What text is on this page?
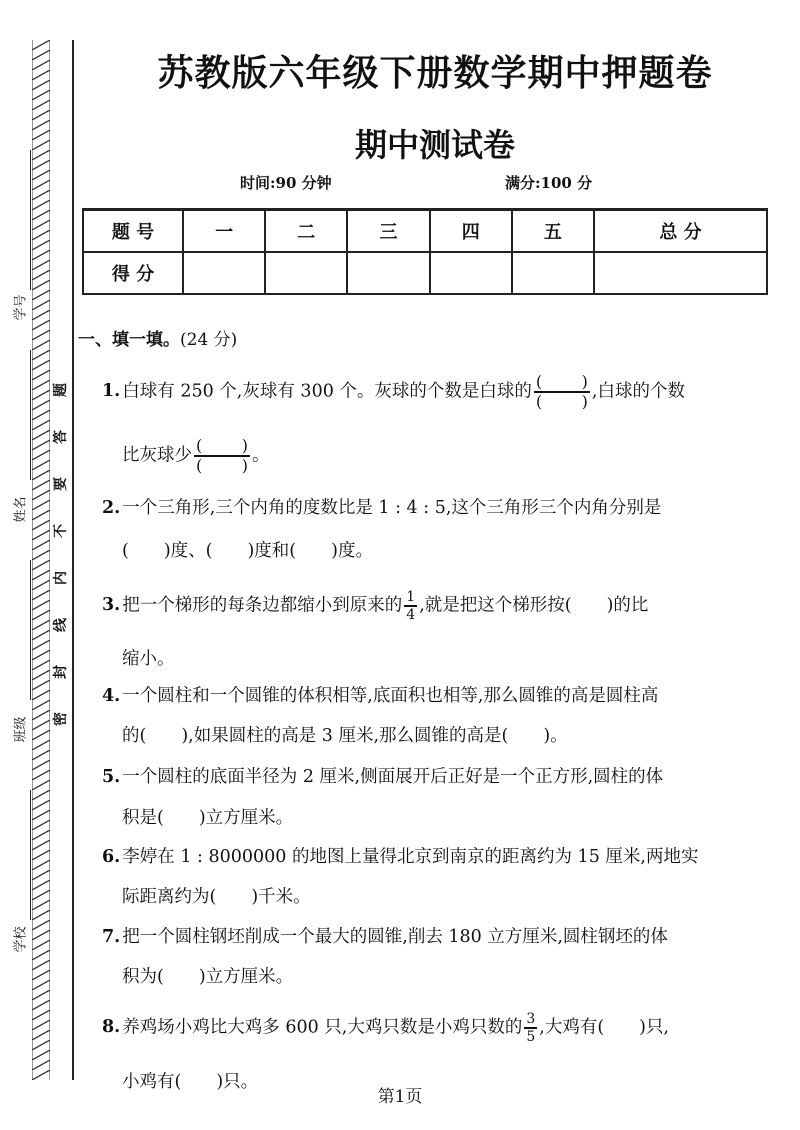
学号
姓名
班级
学校
题
答
要
不
内
线
封
密
苏教版六年级下册数学期中押题卷
期中测试卷
时间:90 分钟	满分:100 分
题 号	一	二	三	四	五	总 分
得 分						
一、填一填。(24 分)
1. 白球有 250 个,灰球有 300 个。灰球的个数是白球的 $\frac{( )}{( )}$ ,白球的个数
比灰球少 $\frac{( )}{( )}$ 。
2. 一个三角形,三个内角的度数比是 1 : 4 : 5,这个三角形三个内角分别是
(　　)度、(　　)度和(　　)度。
3. 把一个梯形的每条边都缩小到原来的 $\frac{1}{4}$ ,就是把这个梯形按(　　)的比
缩小。
4. 一个圆柱和一个圆锥的体积相等,底面积也相等,那么圆锥的高是圆柱高
的(　　),如果圆柱的高是 3 厘米,那么圆锥的高是(　　)。
5. 一个圆柱的底面半径为 2 厘米,侧面展开后正好是一个正方形,圆柱的体
积是(　　)立方厘米。
6. 李婷在 1 : 8000000 的地图上量得北京到南京的距离约为 15 厘米,两地实
际距离约为(　　)千米。
7. 把一个圆柱钢坯削成一个最大的圆锥,削去 180 立方厘米,圆柱钢坯的体
积为(　　)立方厘米。
8. 养鸡场小鸡比大鸡多 600 只,大鸡只数是小鸡只数的 $\frac{3}{5}$ ,大鸡有(　　)只,
小鸡有(　　)只。
第1页
